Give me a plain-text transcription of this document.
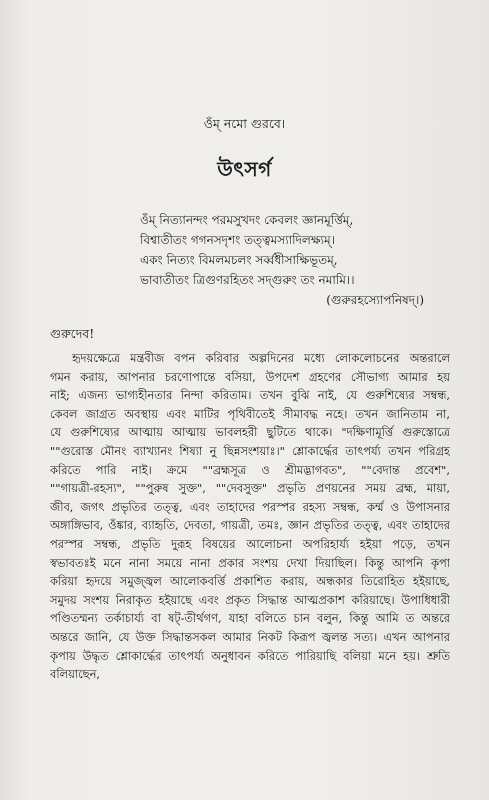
ওঁম্ নমো গুরবে।
উৎসর্গ
ওঁম্ নিত্যানন্দং পরমসুখদং কেবলং জ্ঞানমূর্ত্তিম্,
বিশ্বাতীতং গগনসদৃশং তত্ত্বমস্যাদিলক্ষ্যম্।
একং নিত্যং বিমলমচলং সর্ব্বধীসাক্ষিভূতম্,
ভাবাতীতং ত্রিগুণরহিতং সদ্গুরুং তং নমামি।।
(গুরুরহস্যোপনিষদ্।)
গুরুদেব!
হৃদয়ক্ষেত্রে মন্ত্রবীজ বপন করিবার অল্পদিনের মধ্যে লোকলোচনের অন্তরালে
গমন করায়, আপনার চরণোপান্তে বসিয়া, উপদেশ গ্রহণের সৌভাগ্য আমার হয়
নাই; এজন্য ভাগ্যহীনতার নিন্দা করিতাম। তখন বুঝি নাই, যে গুরুশিষ্যের সম্বন্ধ,
কেবল জাগ্রত অবস্থায় এবং মাটির পৃথিবীতেই সীমাবদ্ধ নহে। তখন জানিতাম না,
যে গুরুশিষ্যের আত্মায় আত্মায় ভাবলহরী ছুটিতে থাকে। "দক্ষিণামূর্ত্তি গুরুস্তোত্রে
""গুরোস্ত মৌনং ব্যাখ্যানং শিষ্যা নু ছিন্নসংশয়াঃ।" শ্লোকার্দ্ধের তাৎপর্য্য তখন পরিগ্রহ
করিতে পারি নাই। ক্রমে ""ব্রহ্মসূত্র ও শ্রীমদ্ভাগবত", ""বেদান্ত প্রবেশ",
""গায়ত্রী-রহস্য", ""পুরুষ সুক্ত", ""দেবসুক্ত" প্রভৃতি প্রণয়নের সময় ব্রহ্ম, মায়া,
জীব, জগৎ প্রভৃতির তত্ত্ব, এবং তাহাদের পরস্পর রহস্য সম্বন্ধ, কর্ম্ম ও উপাসনার
অঙ্গাঙ্গিভাব, ওঁঙ্কার, ব্যাহৃতি, দেবতা, গায়ত্রী, তমঃ, জ্ঞান প্রভৃতির তত্ত্ব, এবং তাহাদের
পরস্পর সম্বন্ধ, প্রভৃতি দুরূহ বিষয়ের আলোচনা অপরিহার্য্য হইয়া পড়ে, তখন
স্বভাবতঃই মনে নানা সময়ে নানা প্রকার সংশয় দেখা দিয়াছিল। কিন্তু আপনি কৃপা
করিয়া হৃদয়ে সমুজ্জ্বল আলোকবর্ত্তি প্রকাশিত করায়, অন্ধকার তিরোহিত হইয়াছে,
সমুদয় সংশয় নিরাকৃত হইয়াছে এবং প্রকৃত সিদ্ধান্ত আত্মপ্রকাশ করিয়াছে। উপাধিধারী
পণ্ডিতম্মন্য তর্কাচার্য্য বা ষট্‌-তীর্থগণ, যাহা বলিতে চান বলুন, কিন্তু আমি ত অন্তরে
অন্তরে জানি, যে উক্ত সিদ্ধান্তসকল আমার নিকট কিরূপ জ্বলন্ত সত্য। এখন আপনার
কৃপায় উদ্ধৃত শ্লোকার্দ্ধের তাৎপর্য্য অনুধাবন করিতে পারিয়াছি বলিয়া মনে হয়। শ্রুতি
বলিয়াছেন,
